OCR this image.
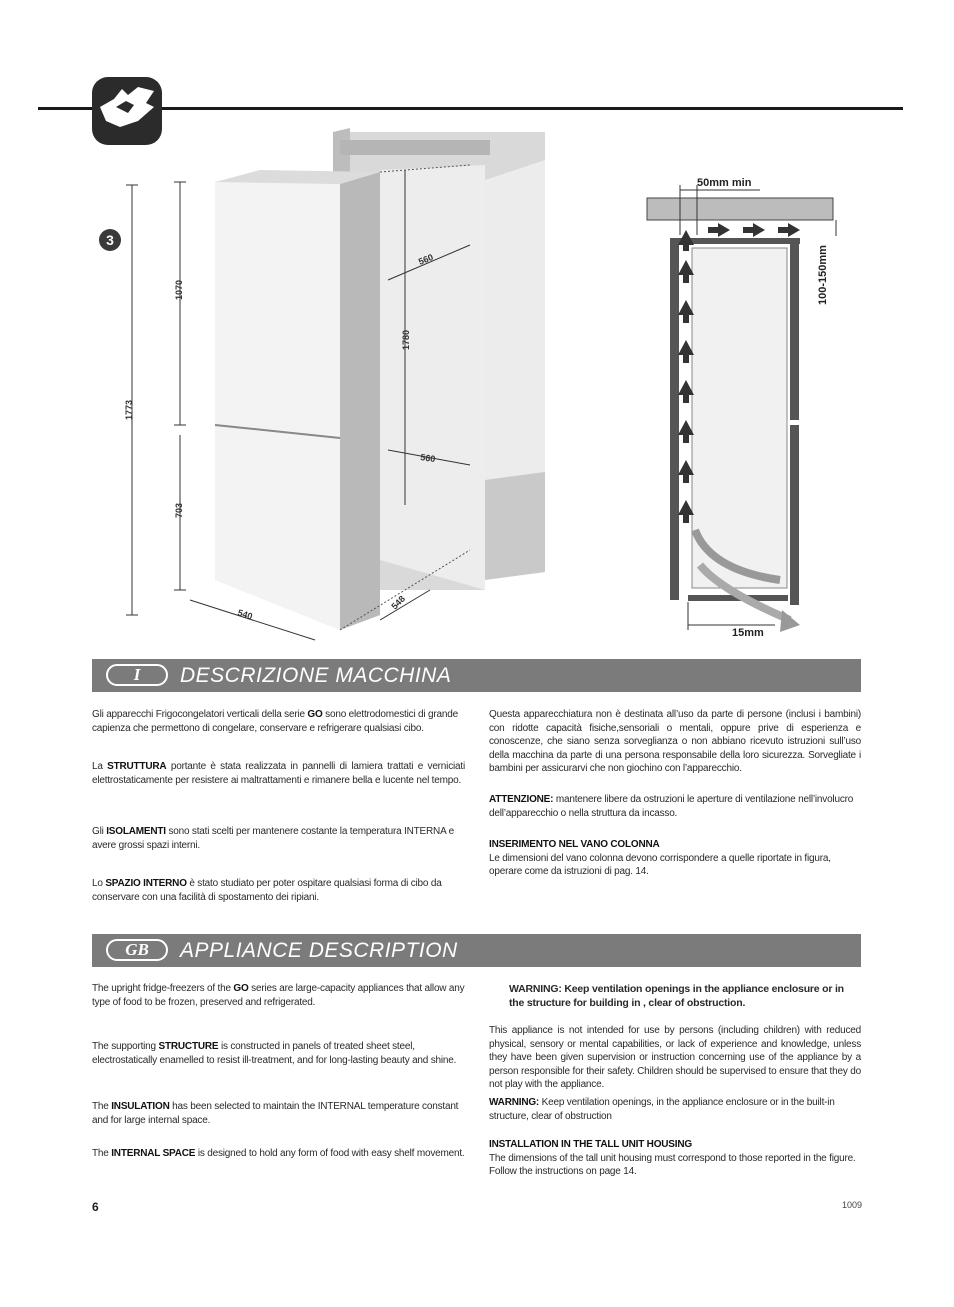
1070
1773
703
540
548
560
560
1780
3
50mm min
100-150mm
15mm
I	DESCRIZIONE MACCHINA
Gli apparecchi Frigocongelatori verticali della serie GO sono elettrodomestici di grande capienza che permettono di congelare, conservare e refrigerare qualsiasi cibo.
La STRUTTURA portante è stata realizzata in pannelli di lamiera trattati e verniciati elettrostaticamente per resistere ai maltrattamenti e rimanere bella e lucente nel tempo.
Gli ISOLAMENTI sono stati scelti per mantenere costante la temperatura INTERNA e avere grossi spazi interni.
Lo SPAZIO INTERNO è stato studiato per poter ospitare qualsiasi forma di cibo da conservare con una facilità di spostamento dei ripiani.
Questa apparecchiatura non è destinata all’uso da parte di persone (inclusi i bambini) con ridotte capacità fisiche,sensoriali o mentali, oppure prive di esperienza e conoscenze, che siano senza sorveglianza o non abbiano ricevuto istruzioni sull’uso della macchina da parte di una persona responsabile della loro sicurezza. Sorvegliate i bambini per assicurarvi che non giochino con l’apparecchio.
ATTENZIONE: mantenere libere da ostruzioni le aperture di ventilazione nell’involucro dell’apparecchio o nella struttura da incasso.
INSERIMENTO NEL VANO COLONNA
Le dimensioni del vano colonna devono corrispondere a quelle riportate in figura, operare come da istruzioni di pag. 14.
GB	APPLIANCE DESCRIPTION
The upright fridge-freezers of the GO series are large-capacity appliances that allow any type of food to be frozen, preserved and refrigerated.
The supporting STRUCTURE is constructed in panels of treated sheet steel, electrostatically enamelled to resist ill-treatment, and for long-lasting beauty and shine.
The INSULATION has been selected to maintain the INTERNAL temperature constant and for large internal space.
The INTERNAL SPACE is designed to hold any form of food with easy shelf movement.
WARNING: Keep ventilation openings in the appliance enclosure or in the structure for building in , clear of obstruction.
This appliance is not intended for use by persons (including children) with reduced physical, sensory or mental capabilities, or lack of experience and knowledge, unless they have been given supervision or instruction concerning use of the appliance by a person responsible for their safety. Children should be supervised to ensure that they do not play with the appliance.
WARNING: Keep ventilation openings, in the appliance enclosure or in the built-in structure, clear of obstruction
INSTALLATION IN THE TALL UNIT HOUSING
The dimensions of the tall unit housing must correspond to those reported in the figure. Follow the instructions on page 14.
6	1009
